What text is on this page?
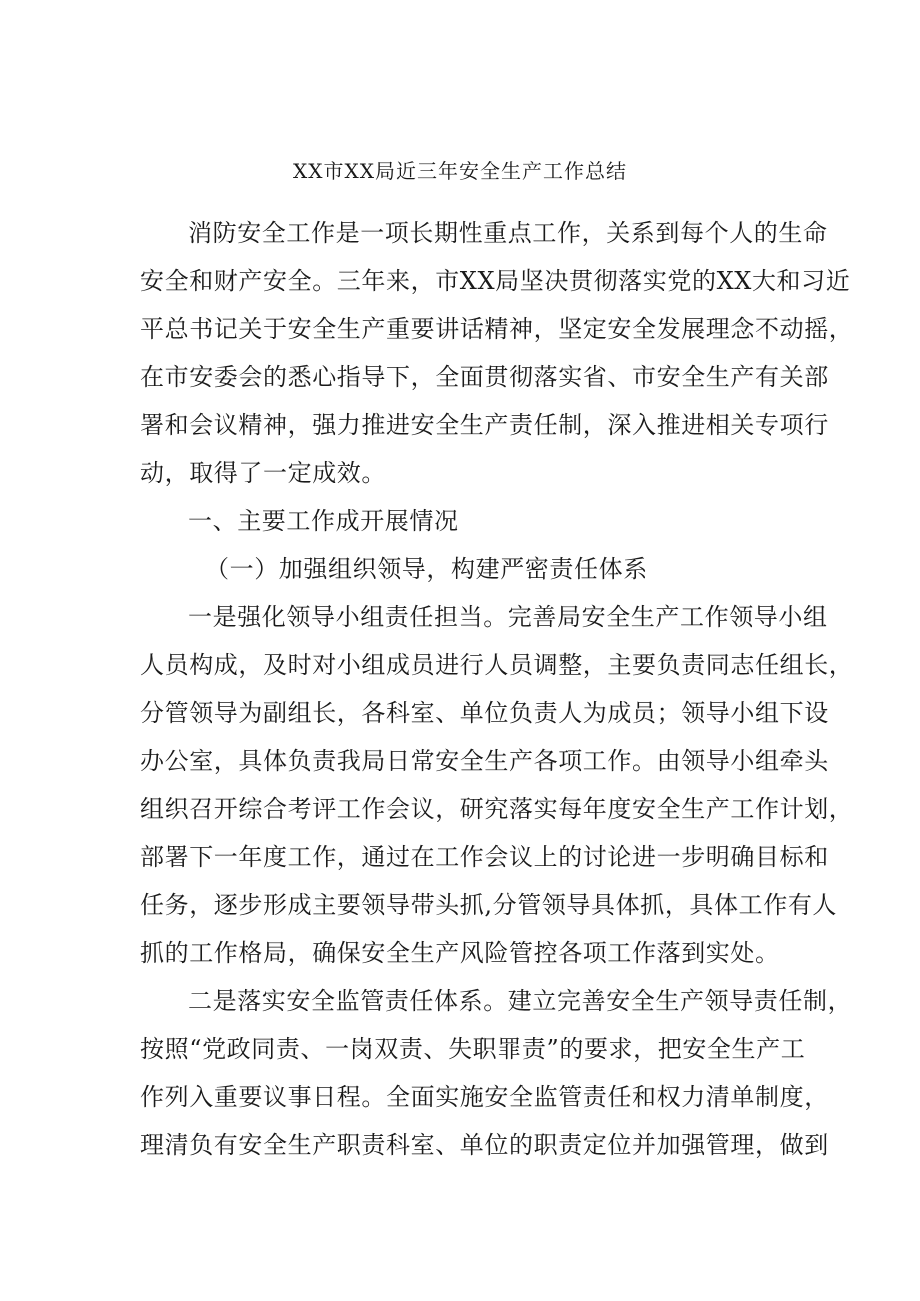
XX市XX局近三年安全生产工作总结
消防安全工作是一项长期性重点工作，关系到每个人的生命
安全和财产安全。三年来，市XX局坚决贯彻落实党的XX大和习近
平总书记关于安全生产重要讲话精神，坚定安全发展理念不动摇，
在市安委会的悉心指导下，全面贯彻落实省、市安全生产有关部
署和会议精神，强力推进安全生产责任制，深入推进相关专项行
动，取得了一定成效。
一、主要工作成开展情况
（一）加强组织领导，构建严密责任体系
一是强化领导小组责任担当。完善局安全生产工作领导小组
人员构成，及时对小组成员进行人员调整，主要负责同志任组长，
分管领导为副组长，各科室、单位负责人为成员；领导小组下设
办公室，具体负责我局日常安全生产各项工作。由领导小组牵头
组织召开综合考评工作会议，研究落实每年度安全生产工作计划，
部署下一年度工作，通过在工作会议上的讨论进一步明确目标和
任务，逐步形成主要领导带头抓,分管领导具体抓，具体工作有人
抓的工作格局，确保安全生产风险管控各项工作落到实处。
二是落实安全监管责任体系。建立完善安全生产领导责任制，
按照“党政同责、一岗双责、失职罪责”的要求，把安全生产工
作列入重要议事日程。全面实施安全监管责任和权力清单制度，
理清负有安全生产职责科室、单位的职责定位并加强管理，做到
